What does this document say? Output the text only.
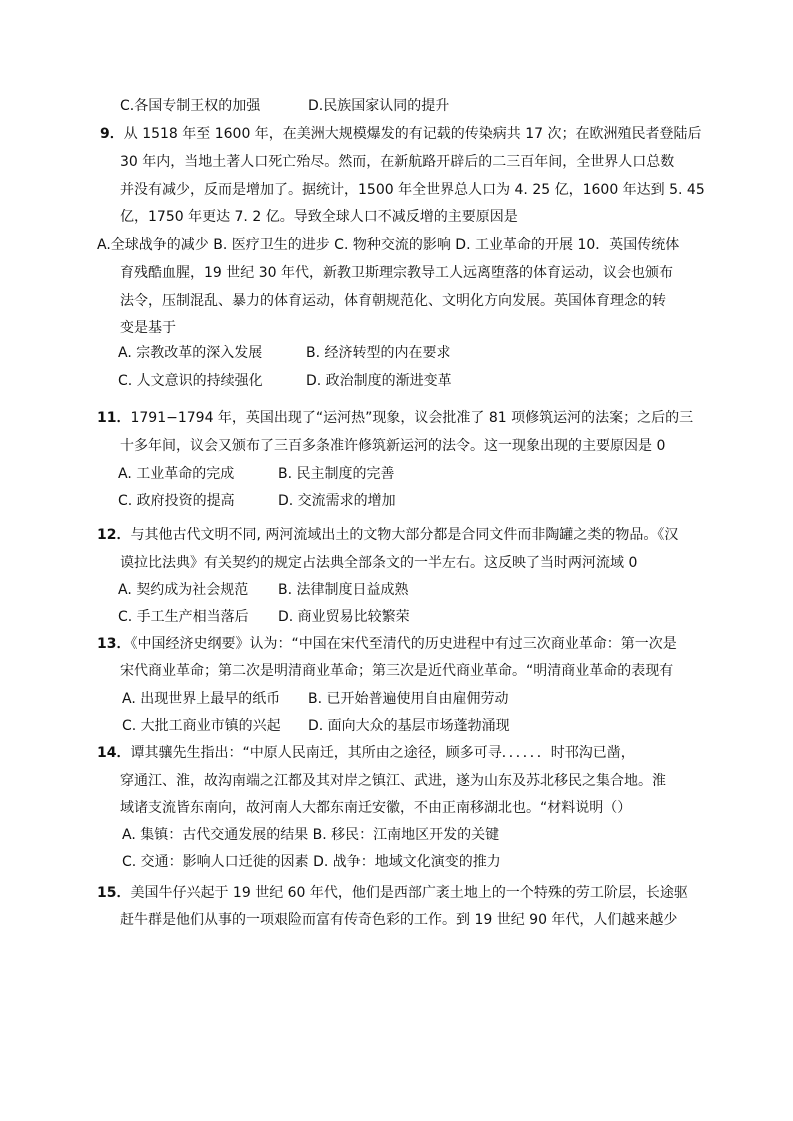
C.各国专制王权的加强	D.民族国家认同的提升
9．从 1518 年至 1600 年，在美洲大规模爆发的有记载的传染病共 17 次；在欧洲殖民者登陆后
30 年内，当地土著人口死亡殆尽。然而，在新航路开辟后的二三百年间，全世界人口总数
并没有减少，反而是增加了。据统计，1500 年全世界总人口为 4. 25 亿，1600 年达到 5. 45
亿，1750 年更达 7. 2 亿。导致全球人口不减反增的主要原因是
A.全球战争的减少 B. 医疗卫生的进步 C. 物种交流的影响 D. 工业革命的开展 10．英国传统体
育残酷血腥，19 世纪 30 年代，新教卫斯理宗教导工人远离堕落的体育运动，议会也颁布
法令，压制混乱、暴力的体育运动，体育朝规范化、文明化方向发展。英国体育理念的转
变是基于
A. 宗教改革的深入发展	B. 经济转型的内在要求
C. 人文意识的持续强化	D. 政治制度的渐进变革
11．1791−1794 年，英国出现了“运河热”现象，议会批准了 81 项修筑运河的法案；之后的三
十多年间，议会又颁布了三百多条准许修筑新运河的法令。这一现象出现的主要原因是 0
A. 工业革命的完成	B. 民主制度的完善
C. 政府投资的提高	D. 交流需求的增加
12．与其他古代文明不同, 两河流域出土的文物大部分都是合同文件而非陶罐之类的物品。《汉
谟拉比法典》有关契约的规定占法典全部条文的一半左右。这反映了当时两河流域 0
A. 契约成为社会规范 B. 法律制度日益成熟
C. 手工生产相当落后 D. 商业贸易比较繁荣
13．《中国经济史纲要》认为：“中国在宋代至清代的历史进程中有过三次商业革命：第一次是
宋代商业革命；第二次是明清商业革命；第三次是近代商业革命。“明清商业革命的表现有
A. 出现世界上最早的纸币 B. 已开始普遍使用自由雇佣劳动
C. 大批工商业市镇的兴起 D. 面向大众的基层市场蓬勃涌现
14．谭其骧先生指出：“中原人民南迁，其所由之途径，顾多可寻．．．．．．时邗沟已凿，
穿通江、淮，故沟南端之江都及其对岸之镇江、武进，遂为山东及苏北移民之集合地。淮
域诸支流皆东南向，故河南人大都东南迁安徽，不由正南移湖北也。“材料说明（）
A. 集镇：古代交通发展的结果 B. 移民：江南地区开发的关键
C. 交通：影响人口迁徙的因素 D. 战争：地域文化演变的推力
15．美国牛仔兴起于 19 世纪 60 年代，他们是西部广袤土地上的一个特殊的劳工阶层，长途驱
赶牛群是他们从事的一项艰险而富有传奇色彩的工作。到 19 世纪 90 年代，人们越来越少
